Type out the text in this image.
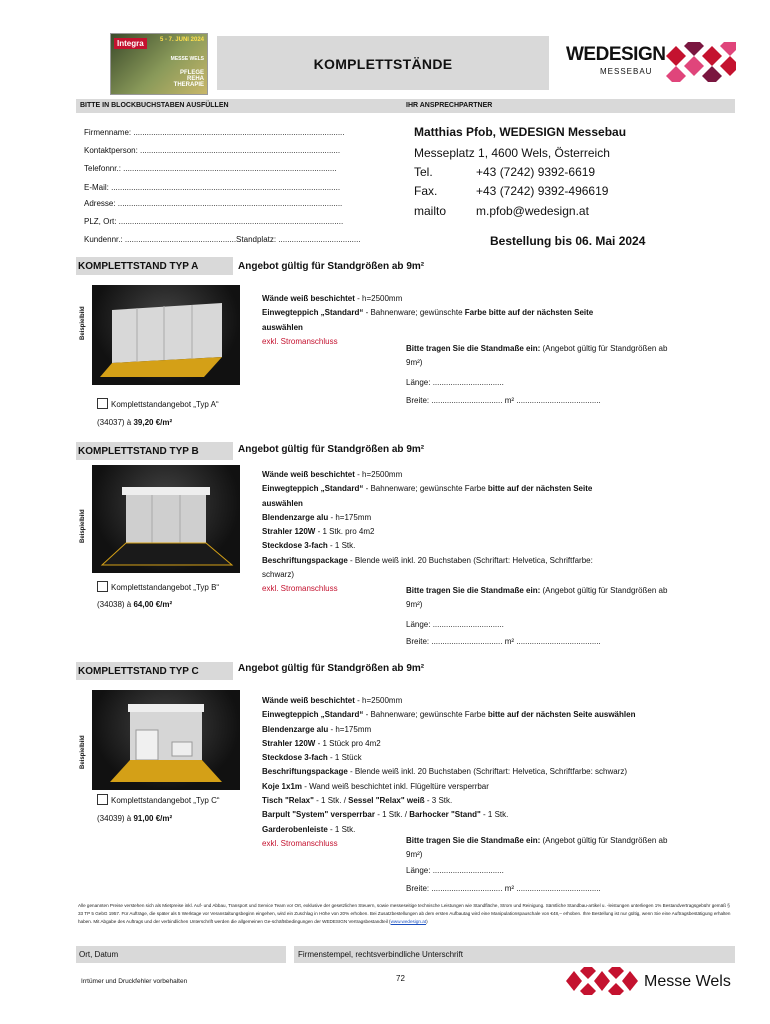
Integra	5 - 7. JUNI 2024
MESSE WELS
PFLEGE REHA THERAPIE
KOMPLETTSTÄNDE	WEDESIGN
MESSEBAU
BITTE IN BLOCKBUCHSTABEN AUSFÜLLEN	IHR ANSPRECHPARTNER
Firmenname: ...............................................................................................
Kontaktperson: ..........................................................................................
Telefonnr.: ................................................................................................
E-Mail: .......................................................................................................
Adresse: .....................................................................................................
PLZ, Ort: .....................................................................................................
Kundennr.: ..................................................Standplatz: .....................................
Matthias Pfob, WEDESIGN Messebau
Messeplatz 1, 4600 Wels, Österreich
Tel.	+43 (7242) 9392-6619
Fax.	+43 (7242) 9392-496619
mailto m.pfob@wedesign.at
Bestellung bis 06. Mai 2024
KOMPLETTSTAND TYP A	Angebot gültig für Standgrößen ab 9m²
Beispielbild
Wände weiß beschichtet - h=2500mm
Einwegteppich „Standard“ - Bahnenware; gewünschte Farbe bitte auf der nächsten Seite
auswählen
exkl. Stromanschluss
Bitte tragen Sie die Standmaße ein: (Angebot gültig für Standgrößen ab
9m²)
Länge: ................................
Breite: ................................ m² ......................................
Komplettstandangebot „Typ A“
(34037) à 39,20 €/m²
KOMPLETTSTAND TYP B	Angebot gültig für Standgrößen ab 9m²
Beispielbild
Wände weiß beschichtet - h=2500mm
Einwegteppich „Standard“ - Bahnenware; gewünschte Farbe bitte auf der nächsten Seite
auswählen
Blendenzarge alu - h=175mm
Strahler 120W - 1 Stk. pro 4m2
Steckdose 3-fach - 1 Stk.
Beschriftungspackage - Blende weiß inkl. 20 Buchstaben (Schriftart: Helvetica, Schriftfarbe:
schwarz)
exkl. Stromanschluss	Bitte tragen Sie die Standmaße ein: (Angebot gültig für Standgrößen ab
9m²)
Länge: ................................
Breite: ................................ m² ......................................
Komplettstandangebot „Typ B“
(34038) à 64,00 €/m²
KOMPLETTSTAND TYP C	Angebot gültig für Standgrößen ab 9m²
Beispielbild
Wände weiß beschichtet - h=2500mm
Einwegteppich „Standard“ - Bahnenware; gewünschte Farbe bitte auf der nächsten Seite auswählen
Blendenzarge alu - h=175mm
Strahler 120W - 1 Stück pro 4m2
Steckdose 3-fach - 1 Stück
Beschriftungspackage - Blende weiß inkl. 20 Buchstaben (Schriftart: Helvetica, Schriftfarbe: schwarz)
Koje 1x1m - Wand weiß beschichtet inkl. Flügeltüre versperrbar
Tisch "Relax" - 1 Stk. / Sessel "Relax" weiß - 3 Stk.
Barpult "System" versperrbar - 1 Stk. / Barhocker "Stand" - 1 Stk.
Garderobenleiste - 1 Stk.
exkl. Stromanschluss	Bitte tragen Sie die Standmaße ein: (Angebot gültig für Standgrößen ab
9m²)
Länge: ................................
Breite: ................................ m² ......................................
Komplettstandangebot „Typ C“
(34039) à 91,00 €/m²
Alle genannten Preise verstehen sich als Mietpreise inkl. Auf- und Abbau, Transport und Service Team vor Ort, exklusive der gesetzlichen Steuern, sowie messeseitige technische Leistungen wie Standfläche, Strom und Reinigung. Sämtliche Standbau-artikel u. -leistungen unterliegen 1% Bestandvertragsgebühr gemäß § 33 TP 5 GebG 1957. Für Aufträge, die später als 5 Werktage vor Veranstaltungsbeginn eingehen, wird ein Zuschlag in Höhe von 20% erhoben. Bei Zusatzbestellungen ab dem ersten Aufbautag wird eine Manipulationspauschale von €48,– erhoben. Ihre Bestellung ist nur gültig, wenn Sie eine Auftragsbestätigung erhalten haben. Mit Abgabe des Auftrags und der verbindlichen Unterschrift werden die allgemeinen Ge-schäftsbedingungen der WEDESIGN Vertragsbestandteil (www.wedesign.at)
Ort, Datum	Firmenstempel, rechtsverbindliche Unterschrift
Irrtümer und Druckfehler vorbehalten	72	Messe Wels
